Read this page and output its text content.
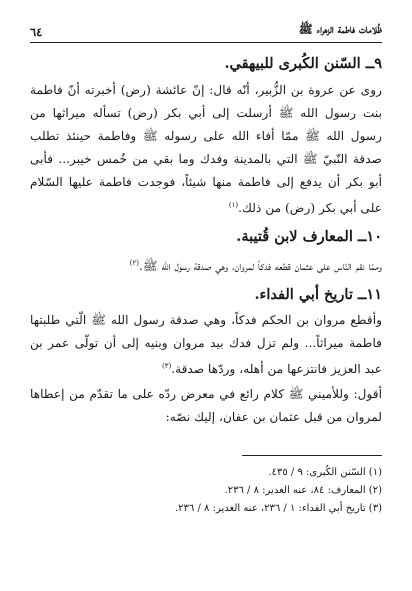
ظُلامات فاطمة الزهراء ﷺ
٦٤
٩ــ السّنن الكُبرى للبيهقي.

روى عن عروة بن الزُّبير، أنّه قال: إنّ عائشة (رض) أخبرته أنّ فاطمة بنت رسول الله ﷺ أرسلت إلى أبي بكر (رض) تسأله ميراثها من رسول الله ﷺ ممّا أفاء الله على رسوله ﷺ وفاطمة حينئذ تطلب صدقة النّبيّ ﷺ التي بالمدينة وفدك وما بقي من خُمس خيبر... فأبى أبو بكر أن يدفع إلى فاطمة منها شيئاً، فوجدت فاطمة عليها السّلام على أبي بكر (رض) من ذلك.$^{(١)}$

١٠ــ المعارف لابن قُتيبة.

وممّا نقم النّاس على عثمان قطعه فدكاً لمروان، وهي صدقة رسول الله ﷺ.$^{(٢)}$

١١ــ تاريخ أبي الفداء.

وأقطع مروان بن الحكم فدكاً، وهي صدقة رسول الله ﷺ الّتي طلبتها فاطمة ميراثاً... ولم تزل فدك بيد مروان وبنيه إلى أن تولّى عمر بن عبد العزيز فانتزعها من أهله، وردّها صدقة.$^{(٣)}$

أقول: وللأميني ﷺ كلام رائع في معرض ردّه على ما تقدّم من إعطاها لمروان من قبل عثمان بن عفان، إليك نصّه:

(١) السّنن الكُبرى: ٩ / ٤٣٥.
(٢) المعارف: ٨٤، عنه الغدير: ٨ / ٢٣٦.
(٣) تاريخ أبي الفداء: ١ / ٢٣٦، عنه الغدير: ٨ / ٢٣٦.
